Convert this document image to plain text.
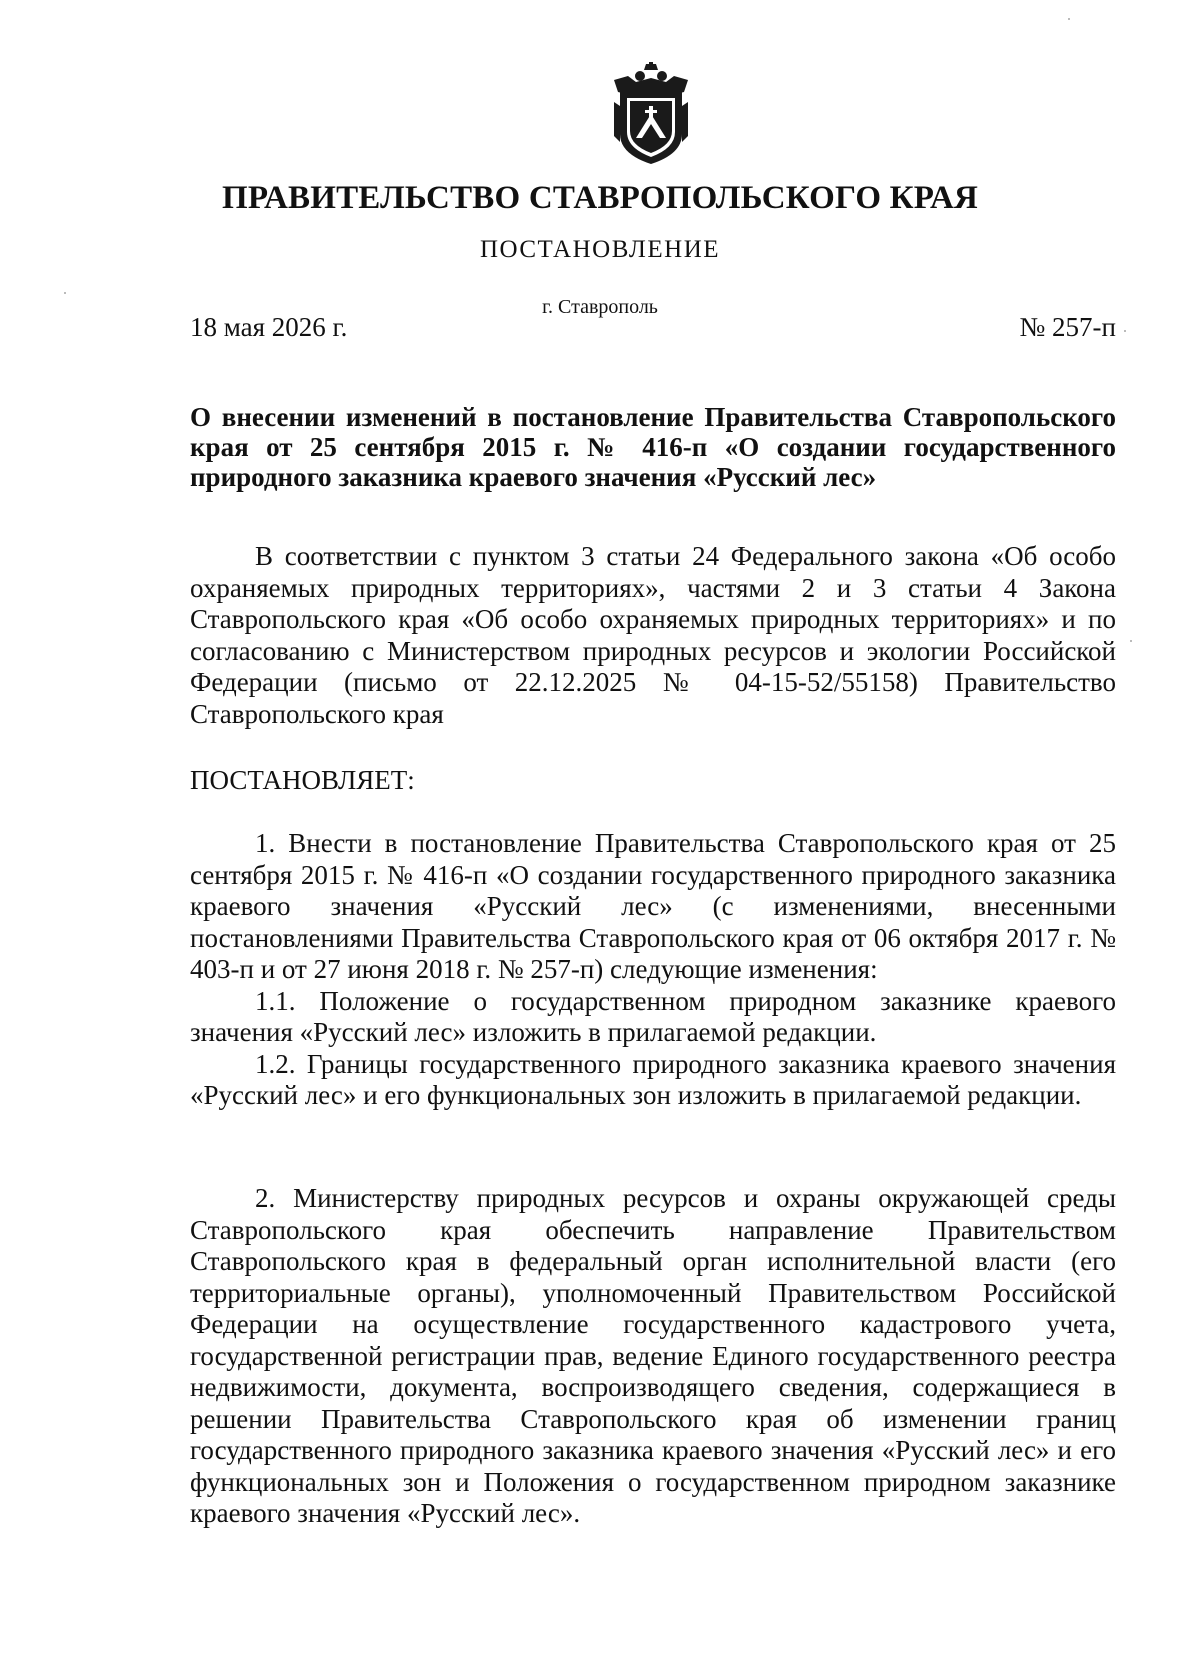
ПРАВИТЕЛЬСТВО СТАВРОПОЛЬСКОГО КРАЯ
ПОСТАНОВЛЕНИЕ
г. Ставрополь
18 мая 2026 г.	№ 257-п
О внесении изменений в постановление Правительства Ставропольского края от 25 сентября 2015 г. № 416-п «О создании государственного природного заказника краевого значения «Русский лес»

В соответствии с пунктом 3 статьи 24 Федерального закона «Об особо охраняемых природных территориях», частями 2 и 3 статьи 4 Закона Ставропольского края «Об особо охраняемых природных территориях» и по согласованию с Министерством природных ресурсов и экологии Российской Федерации (письмо от 22.12.2025 № 04-15-52/55158) Правительство Ставропольского края

ПОСТАНОВЛЯЕТ:

1. Внести в постановление Правительства Ставропольского края от 25 сентября 2015 г. № 416-п «О создании государственного природного заказника краевого значения «Русский лес» (с изменениями, внесенными постановлениями Правительства Ставропольского края от 06 октября 2017 г. № 403-п и от 27 июня 2018 г. № 257-п) следующие изменения:

1.1. Положение о государственном природном заказнике краевого значения «Русский лес» изложить в прилагаемой редакции.

1.2. Границы государственного природного заказника краевого значения «Русский лес» и его функциональных зон изложить в прилагаемой редакции.

2. Министерству природных ресурсов и охраны окружающей среды Ставропольского края обеспечить направление Правительством Ставропольского края в федеральный орган исполнительной власти (его территориальные органы), уполномоченный Правительством Российской Федерации на осуществление государственного кадастрового учета, государственной регистрации прав, ведение Единого государственного реестра недвижимости, документа, воспроизводящего сведения, содержащиеся в решении Правительства Ставропольского края об изменении границ государственного природного заказника краевого значения «Русский лес» и его функциональных зон и Положения о государственном природном заказнике краевого значения «Русский лес».
